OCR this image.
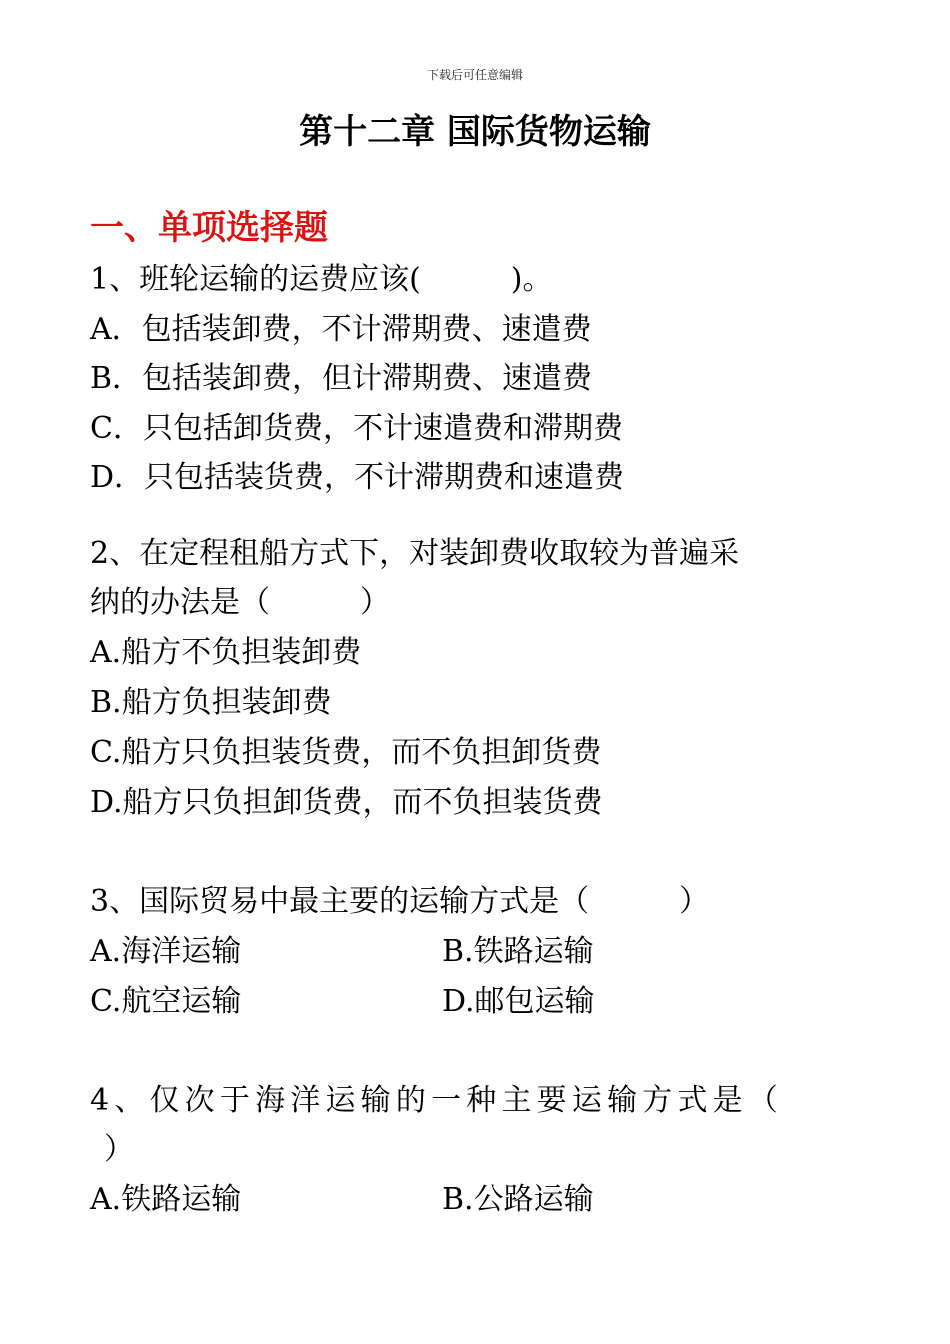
下载后可任意编辑
第十二章 国际货物运输
一、单项选择题
1、班轮运输的运费应该(　　　)。
A．包括装卸费，不计滞期费、速遣费
B．包括装卸费，但计滞期费、速遣费
C．只包括卸货费，不计速遣费和滞期费
D．只包括装货费，不计滞期费和速遣费
2、在定程租船方式下，对装卸费收取较为普遍采
纳的办法是（　　　）
A.船方不负担装卸费
B.船方负担装卸费
C.船方只负担装货费，而不负担卸货费
D.船方只负担卸货费，而不负担装货费
3、国际贸易中最主要的运输方式是（　　　）
A.海洋运输	B.铁路运输
C.航空运输	D.邮包运输
4、仅次于海洋运输的一种主要运输方式是（
）
A.铁路运输	B.公路运输
